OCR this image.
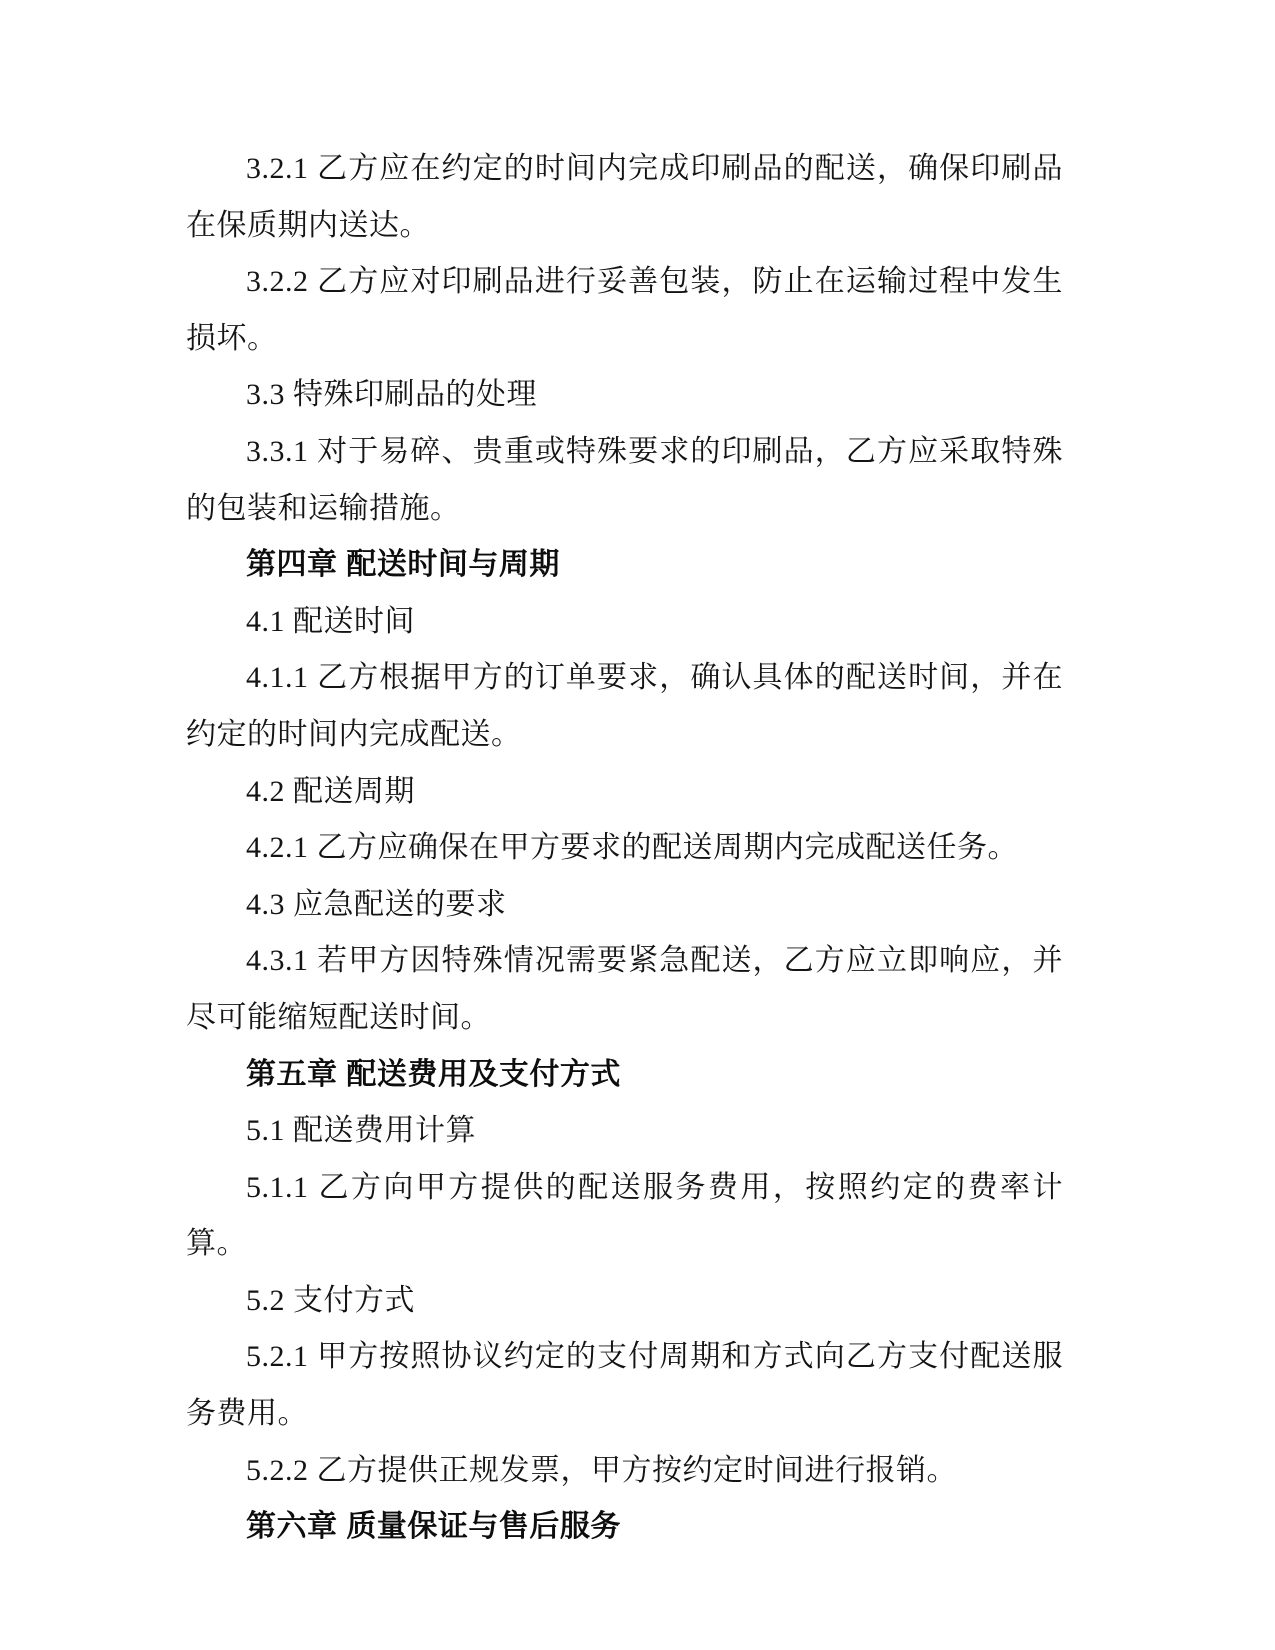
3.2.1 乙方应在约定的时间内完成印刷品的配送，确保印刷品在保质期内送达。

3.2.2 乙方应对印刷品进行妥善包装，防止在运输过程中发生损坏。

3.3 特殊印刷品的处理

3.3.1 对于易碎、贵重或特殊要求的印刷品，乙方应采取特殊的包装和运输措施。

第四章 配送时间与周期

4.1 配送时间

4.1.1 乙方根据甲方的订单要求，确认具体的配送时间，并在约定的时间内完成配送。

4.2 配送周期

4.2.1 乙方应确保在甲方要求的配送周期内完成配送任务。

4.3 应急配送的要求

4.3.1 若甲方因特殊情况需要紧急配送，乙方应立即响应，并尽可能缩短配送时间。

第五章 配送费用及支付方式

5.1 配送费用计算

5.1.1 乙方向甲方提供的配送服务费用，按照约定的费率计算。

5.2 支付方式

5.2.1 甲方按照协议约定的支付周期和方式向乙方支付配送服务费用。

5.2.2 乙方提供正规发票，甲方按约定时间进行报销。

第六章 质量保证与售后服务
